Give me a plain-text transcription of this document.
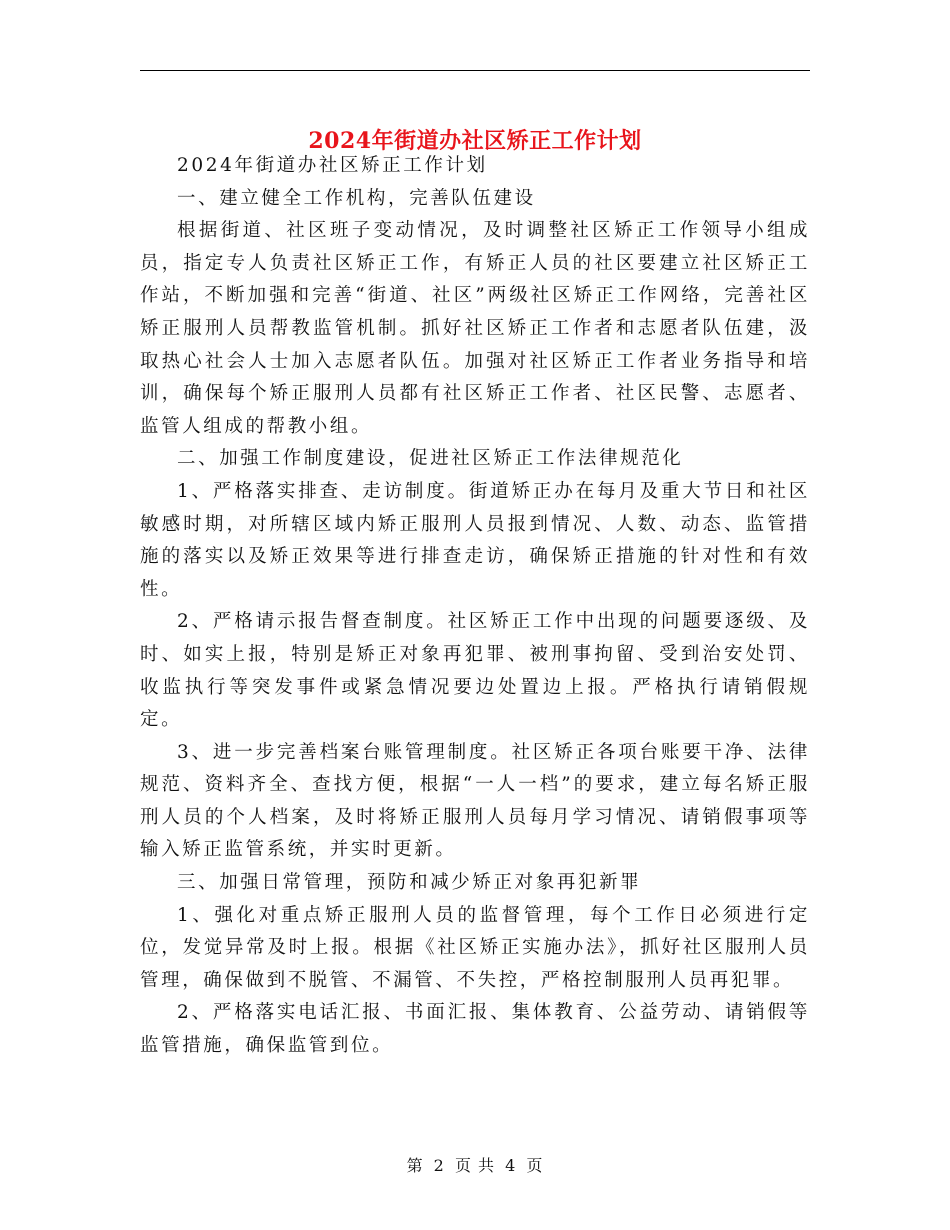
2024年街道办社区矫正工作计划

2024年街道办社区矫正工作计划

一、建立健全工作机构，完善队伍建设

根据街道、社区班子变动情况，及时调整社区矫正工作领导小组成员，指定专人负责社区矫正工作，有矫正人员的社区要建立社区矫正工作站，不断加强和完善“街道、社区”两级社区矫正工作网络，完善社区矫正服刑人员帮教监管机制。抓好社区矫正工作者和志愿者队伍建，汲取热心社会人士加入志愿者队伍。加强对社区矫正工作者业务指导和培训，确保每个矫正服刑人员都有社区矫正工作者、社区民警、志愿者、监管人组成的帮教小组。

二、加强工作制度建设，促进社区矫正工作法律规范化

1、严格落实排查、走访制度。街道矫正办在每月及重大节日和社区敏感时期，对所辖区域内矫正服刑人员报到情况、人数、动态、监管措施的落实以及矫正效果等进行排查走访，确保矫正措施的针对性和有效性。

2、严格请示报告督查制度。社区矫正工作中出现的问题要逐级、及时、如实上报，特别是矫正对象再犯罪、被刑事拘留、受到治安处罚、收监执行等突发事件或紧急情况要边处置边上报。严格执行请销假规定。

3、进一步完善档案台账管理制度。社区矫正各项台账要干净、法律规范、资料齐全、查找方便，根据“一人一档”的要求，建立每名矫正服刑人员的个人档案，及时将矫正服刑人员每月学习情况、请销假事项等输入矫正监管系统，并实时更新。

三、加强日常管理，预防和减少矫正对象再犯新罪

1、强化对重点矫正服刑人员的监督管理，每个工作日必须进行定位，发觉异常及时上报。根据《社区矫正实施办法》，抓好社区服刑人员管理，确保做到不脱管、不漏管、不失控，严格控制服刑人员再犯罪。

2、严格落实电话汇报、书面汇报、集体教育、公益劳动、请销假等监管措施，确保监管到位。

第 2 页 共 4 页
